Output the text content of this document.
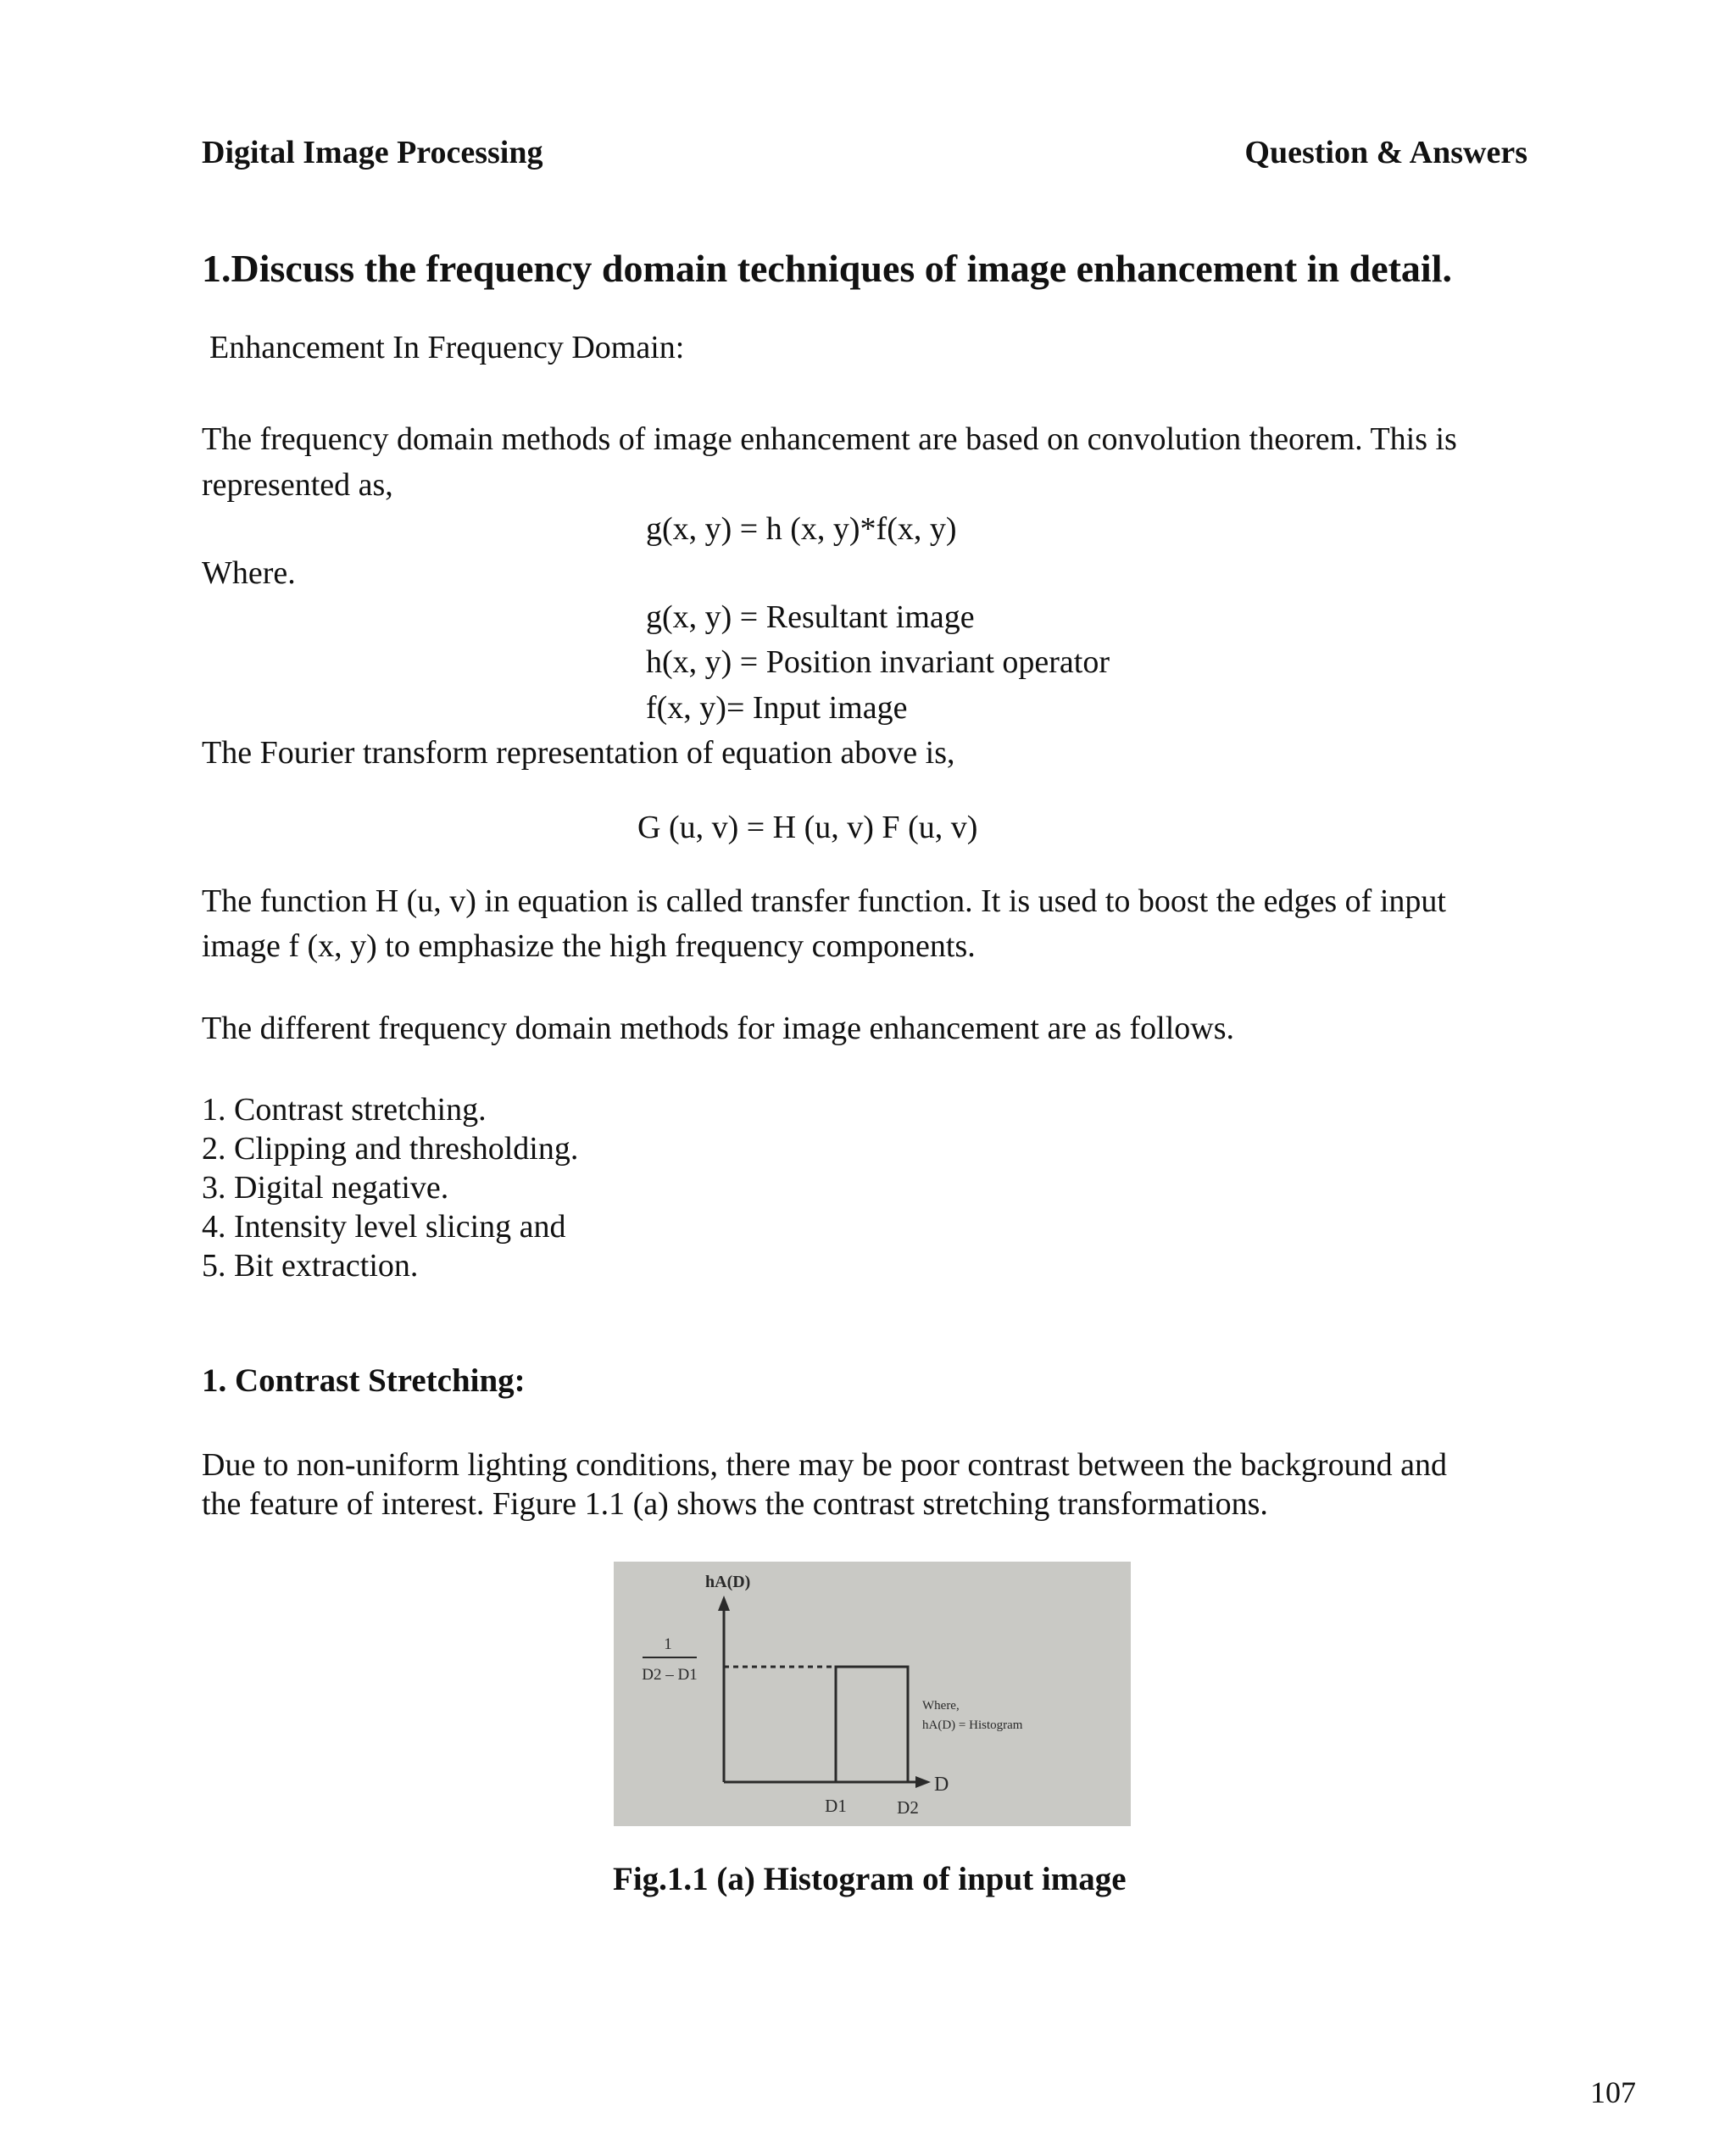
Digital Image Processing	Question & Answers
1.Discuss the frequency domain techniques of image enhancement in detail.
Enhancement In Frequency Domain:
The frequency domain methods of image enhancement are based on convolution theorem. This is
represented as,
g(x, y) = h (x, y)*f(x, y)
Where.
g(x, y) = Resultant image
h(x, y) = Position invariant operator
f(x, y)= Input image
The Fourier transform representation of equation above is,
G (u, v) = H (u, v) F (u, v)
The function H (u, v) in equation is called transfer function. It is used to boost the edges of input
image f (x, y) to emphasize the high frequency components.
The different frequency domain methods for image enhancement are as follows.
1. Contrast stretching.
2. Clipping and thresholding.
3. Digital negative.
4. Intensity level slicing and
5. Bit extraction.
1. Contrast Stretching:
Due to non-uniform lighting conditions, there may be poor contrast between the background and
the feature of interest. Figure 1.1 (a) shows the contrast stretching transformations.
hA(D)
1
D2 – D1
D
D1	D2
Where,
hA(D) = Histogram
Fig.1.1 (a) Histogram of input image
107
